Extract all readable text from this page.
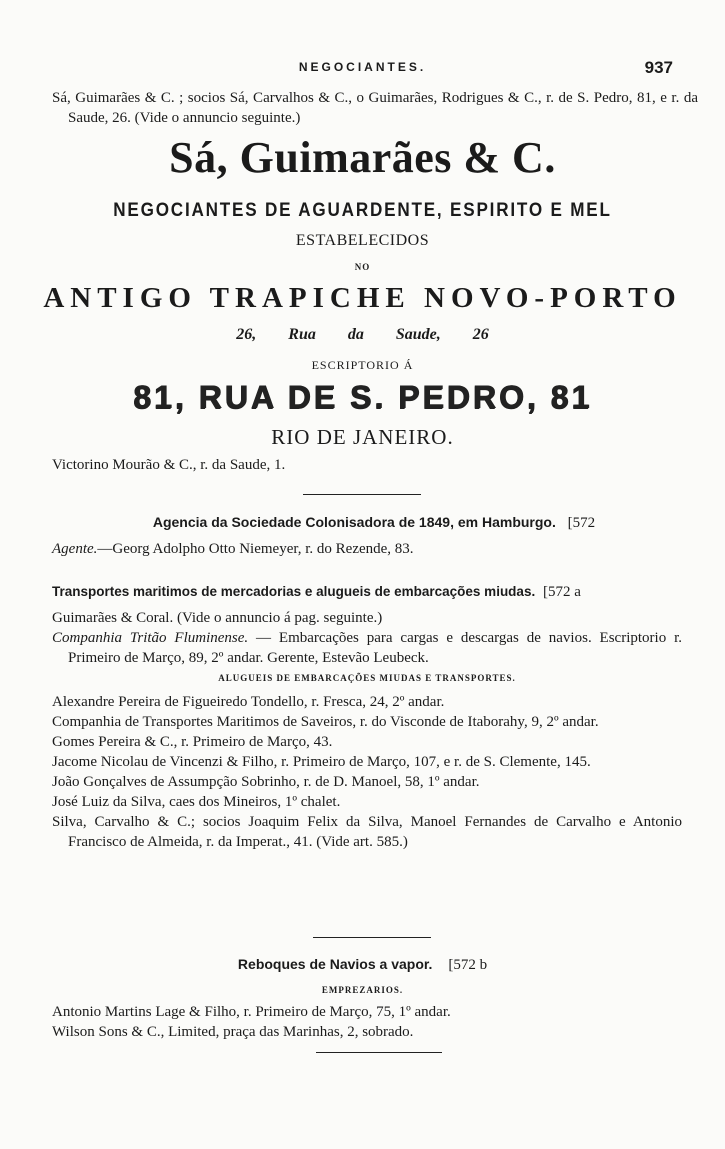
NEGOCIANTES.	937
Sá, Guimarães & C. ; socios Sá, Carvalhos & C., o Guimarães, Rodrigues & C., r. de S. Pedro, 81, e r. da Saude, 26. (Vide o annuncio seguinte.)
Sá, Guimarães & C.
NEGOCIANTES DE AGUARDENTE, ESPIRITO E MEL
ESTABELECIDOS
NO
ANTIGO TRAPICHE NOVO-PORTO
26, Rua da Saude, 26
ESCRIPTORIO Á
81, RUA DE S. PEDRO, 81
RIO DE JANEIRO.
Victorino Mourão & C., r. da Saude, 1.
Agencia da Sociedade Colonisadora de 1849, em Hamburgo. [572
Agente.—Georg Adolpho Otto Niemeyer, r. do Rezende, 83.
Transportes maritimos de mercadorias e alugueis de embarcações miudas. [572 a
Guimarães & Coral. (Vide o annuncio á pag. seguinte.)
Companhia Tritão Fluminense. — Embarcações para cargas e descargas de navios. Escriptorio r. Primeiro de Março, 89, 2º andar. Gerente, Estevão Leubeck.
ALUGUEIS DE EMBARCAÇÕES MIUDAS E TRANSPORTES.
Alexandre Pereira de Figueiredo Tondello, r. Fresca, 24, 2º andar.
Companhia de Transportes Maritimos de Saveiros, r. do Visconde de Itaborahy, 9, 2º andar.
Gomes Pereira & C., r. Primeiro de Março, 43.
Jacome Nicolau de Vincenzi & Filho, r. Primeiro de Março, 107, e r. de S. Clemente, 145.
João Gonçalves de Assumpção Sobrinho, r. de D. Manoel, 58, 1º andar.
José Luiz da Silva, caes dos Mineiros, 1º chalet.
Silva, Carvalho & C.; socios Joaquim Felix da Silva, Manoel Fernandes de Carvalho e Antonio Francisco de Almeida, r. da Imperat., 41. (Vide art. 585.)
Reboques de Navios a vapor. [572 b
EMPREZARIOS.
Antonio Martins Lage & Filho, r. Primeiro de Março, 75, 1º andar.
Wilson Sons & C., Limited, praça das Marinhas, 2, sobrado.
